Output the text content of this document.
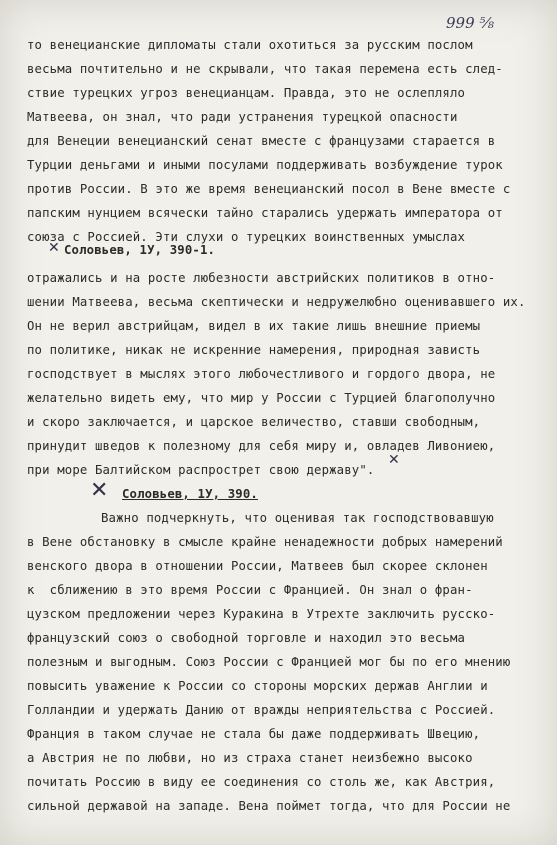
999 ⅝
то венецианские дипломаты стали охотиться за русским послом
весьма почтительно и не скрывали, что такая перемена есть след-
ствие турецких угроз венецианцам. Правда, это не ослепляло
Матвеева, он знал, что ради устранения турецкой опасности
для Венеции венецианский сенат вместе с французами старается в
Турции деньгами и иными посулами поддерживать возбуждение турок
против России. В это же время венецианский посол в Вене вместе с
папским нунцием всячески тайно старались удержать императора от
союза с Россией. Эти слухи о турецких воинственных умыслах
✕ Соловьев, 1У, 390-1.
отражались и на росте любезности австрийских политиков в отно-
шении Матвеева, весьма скептически и недружелюбно оценивавшего их.
Он не верил австрийцам, видел в их такие лишь внешние приемы
по политике, никак не искренние намерения, природная зависть
господствует в мыслях этого любочестливого и гордого двора, не
желательно видеть ему, что мир у России с Турцией благополучно
и скоро заключается, и царское величество, ставши свободным,
принудит шведов к полезному для себя миру и, овладев Ливониею,
при море Балтийском распрострет свою державу".
✕
✕ Соловьев, 1У, 390.
Важно подчеркнуть, что оценивая так господствовавшую
в Вене обстановку в смысле крайне ненадежности добрых намерений
венского двора в отношении России, Матвеев был скорее склонен
к  сближению в это время России с Францией. Он знал о фран-
цузском предложении через Куракина в Утрехте заключить русско-
французский союз о свободной торговле и находил это весьма
полезным и выгодным. Союз России с Францией мог бы по его мнению
повысить уважение к России со стороны морских держав Англии и
Голландии и удержать Данию от вражды неприятельства с Россией.
Франция в таком случае не стала бы даже поддерживать Швецию,
а Австрия не по любви, но из страха станет неизбежно высоко
почитать Россию в виду ее соединения со столь же, как Австрия,
сильной державой на западе. Вена поймет тогда, что для России не
